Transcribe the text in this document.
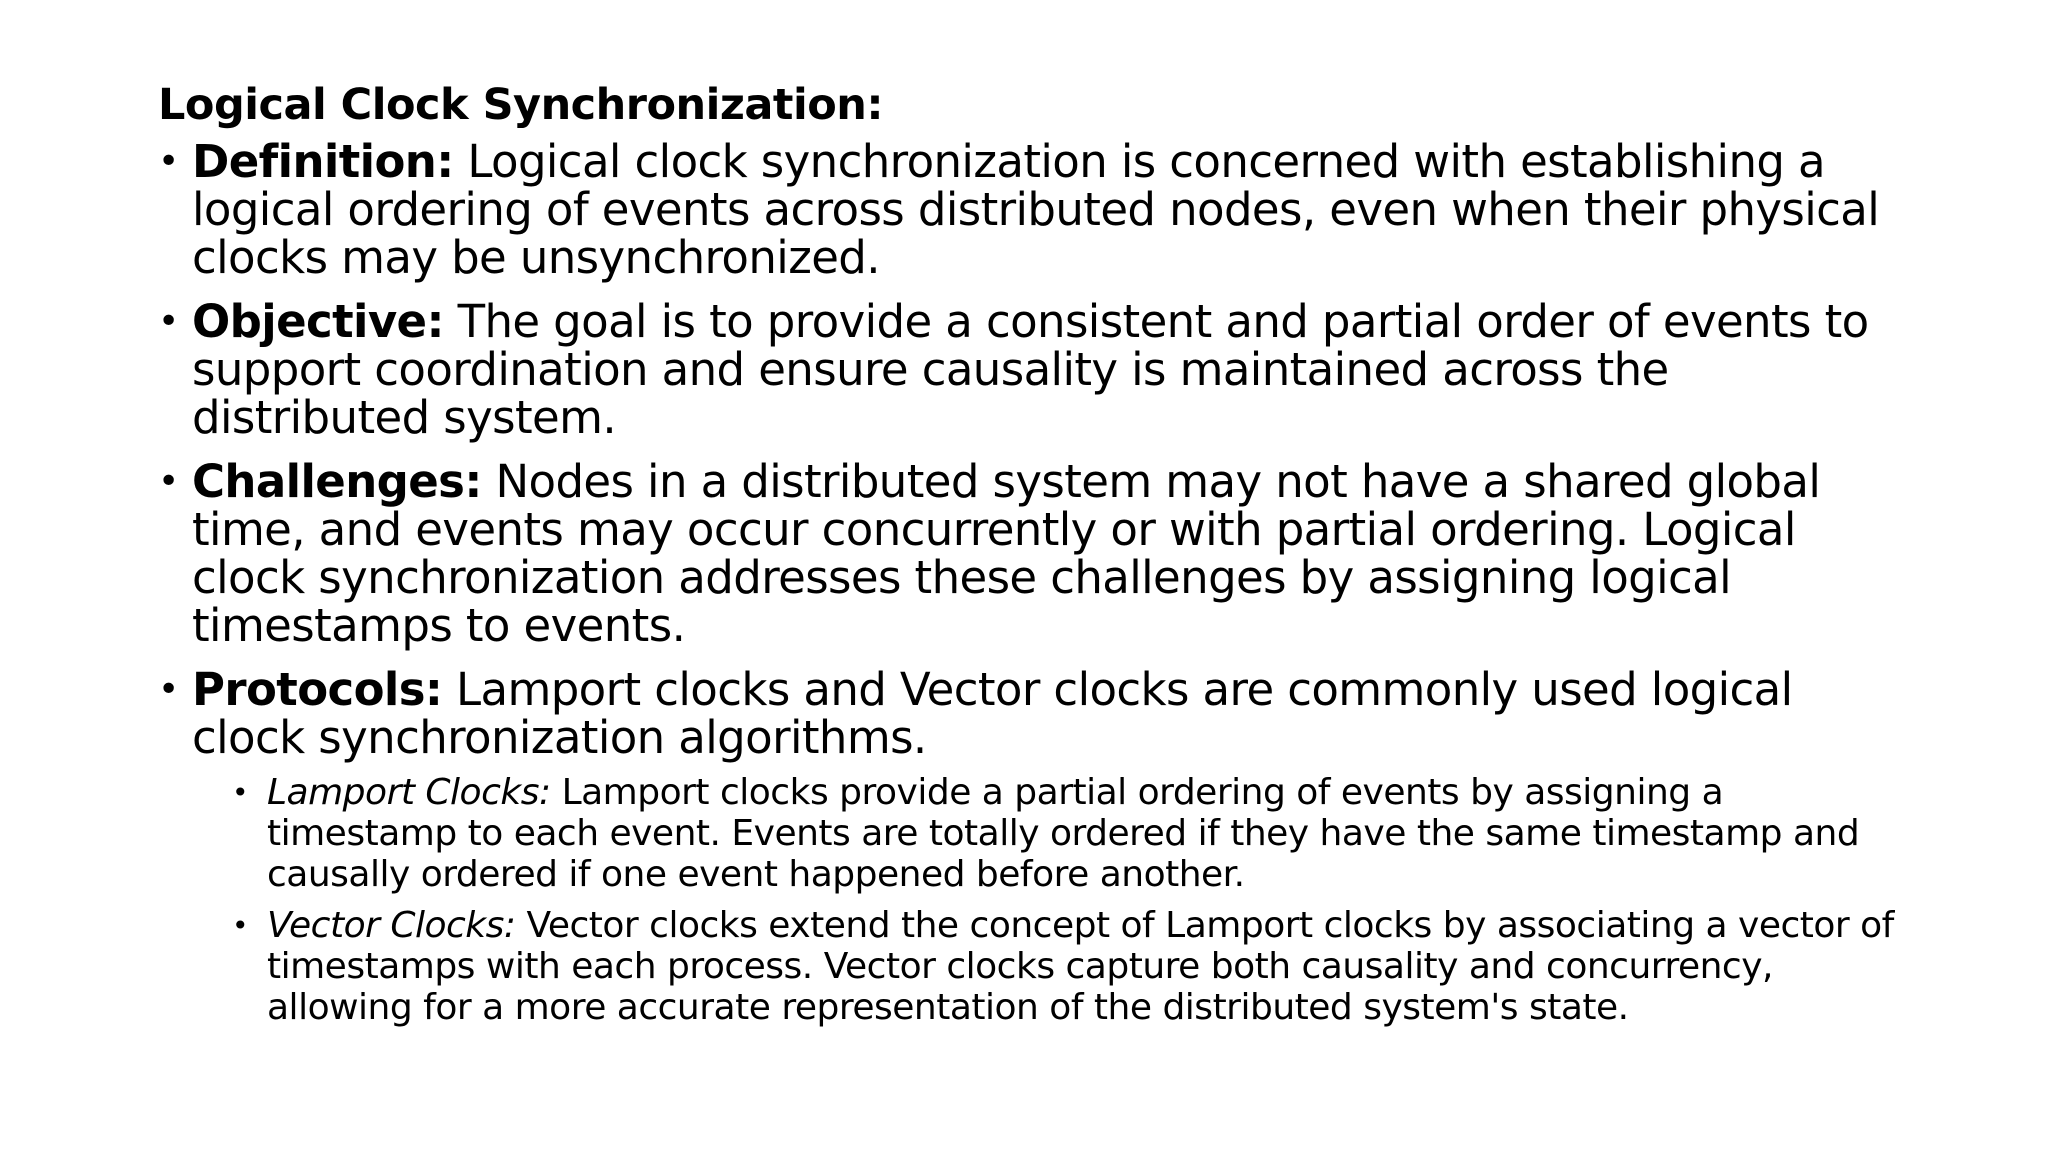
Logical Clock Synchronization:
• Definition: Logical clock synchronization is concerned with establishing a logical ordering of events across distributed nodes, even when their physical clocks may be unsynchronized.
• Objective: The goal is to provide a consistent and partial order of events to support coordination and ensure causality is maintained across the distributed system.
• Challenges: Nodes in a distributed system may not have a shared global time, and events may occur concurrently or with partial ordering. Logical clock synchronization addresses these challenges by assigning logical timestamps to events.
• Protocols: Lamport clocks and Vector clocks are commonly used logical clock synchronization algorithms.
• Lamport Clocks: Lamport clocks provide a partial ordering of events by assigning a timestamp to each event. Events are totally ordered if they have the same timestamp and causally ordered if one event happened before another.
• Vector Clocks: Vector clocks extend the concept of Lamport clocks by associating a vector of timestamps with each process. Vector clocks capture both causality and concurrency, allowing for a more accurate representation of the distributed system's state.
